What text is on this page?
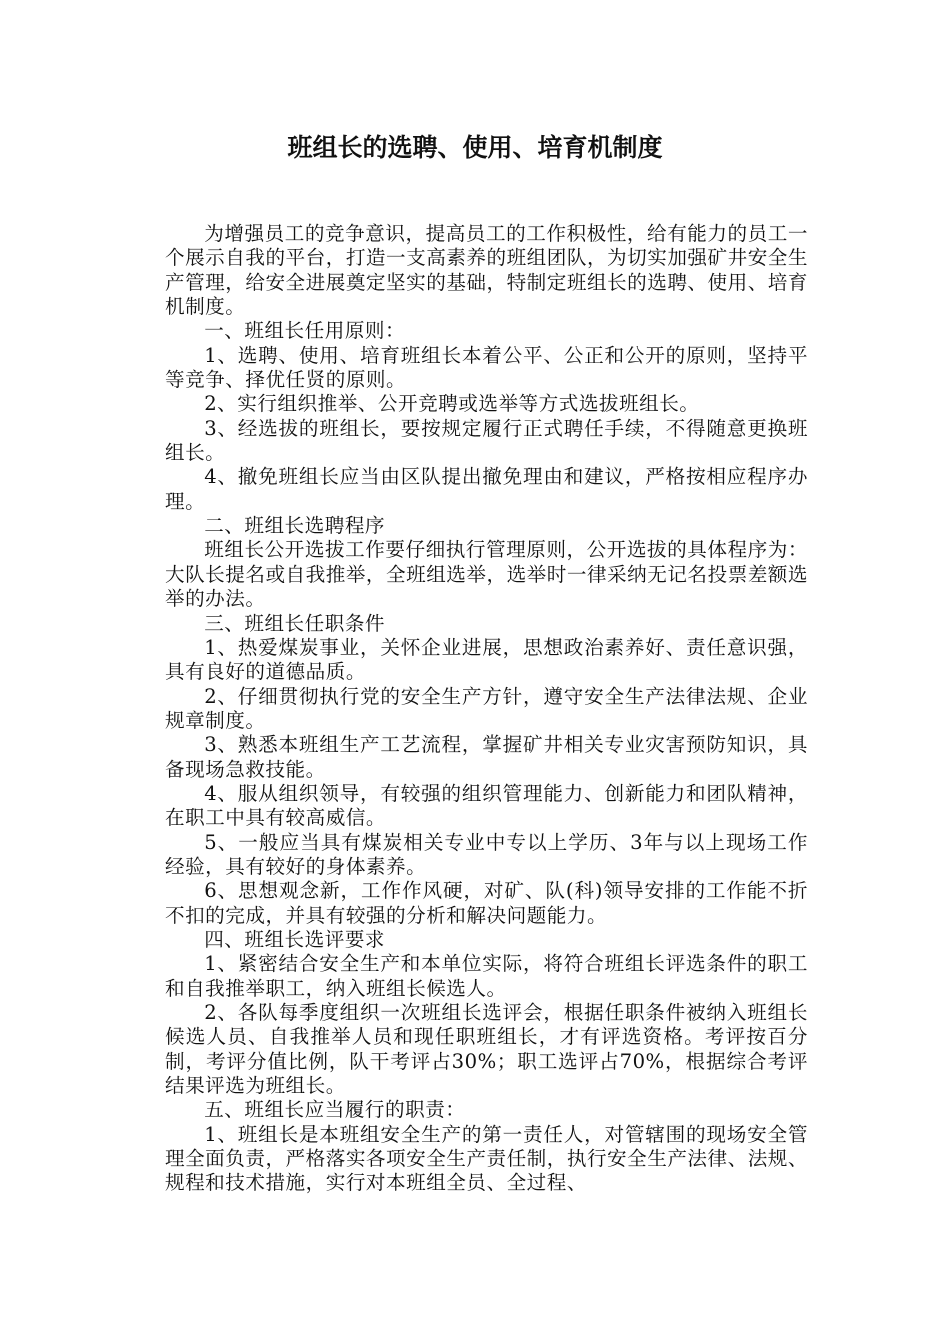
班组长的选聘、使用、培育机制度

为增强员工的竞争意识，提高员工的工作积极性，给有能力的员工一个展示自我的平台，打造一支高素养的班组团队，为切实加强矿井安全生产管理，给安全进展奠定坚实的基础，特制定班组长的选聘、使用、培育机制度。

一、班组长任用原则：

1、选聘、使用、培育班组长本着公平、公正和公开的原则，坚持平等竞争、择优任贤的原则。

2、实行组织推举、公开竞聘或选举等方式选拔班组长。

3、经选拔的班组长，要按规定履行正式聘任手续，不得随意更换班组长。

4、撤免班组长应当由区队提出撤免理由和建议，严格按相应程序办理。

二、班组长选聘程序

班组长公开选拔工作要仔细执行管理原则，公开选拔的具体程序为：大队长提名或自我推举，全班组选举，选举时一律采纳无记名投票差额选举的办法。

三、班组长任职条件

1、热爱煤炭事业，关怀企业进展，思想政治素养好、责任意识强，具有良好的道德品质。

2、仔细贯彻执行党的安全生产方针，遵守安全生产法律法规、企业规章制度。

3、熟悉本班组生产工艺流程，掌握矿井相关专业灾害预防知识，具备现场急救技能。

4、服从组织领导，有较强的组织管理能力、创新能力和团队精神，在职工中具有较高威信。

5、一般应当具有煤炭相关专业中专以上学历、3年与以上现场工作经验，具有较好的身体素养。

6、思想观念新，工作作风硬，对矿、队(科)领导安排的工作能不折不扣的完成，并具有较强的分析和解决问题能力。

四、班组长选评要求

1、紧密结合安全生产和本单位实际，将符合班组长评选条件的职工和自我推举职工，纳入班组长候选人。

2、各队每季度组织一次班组长选评会，根据任职条件被纳入班组长候选人员、自我推举人员和现任职班组长，才有评选资格。考评按百分制，考评分值比例，队干考评占30%；职工选评占70%，根据综合考评结果评选为班组长。

五、班组长应当履行的职责：

1、班组长是本班组安全生产的第一责任人，对管辖围的现场安全管理全面负责，严格落实各项安全生产责任制，执行安全生产法律、法规、规程和技术措施，实行对本班组全员、全过程、
